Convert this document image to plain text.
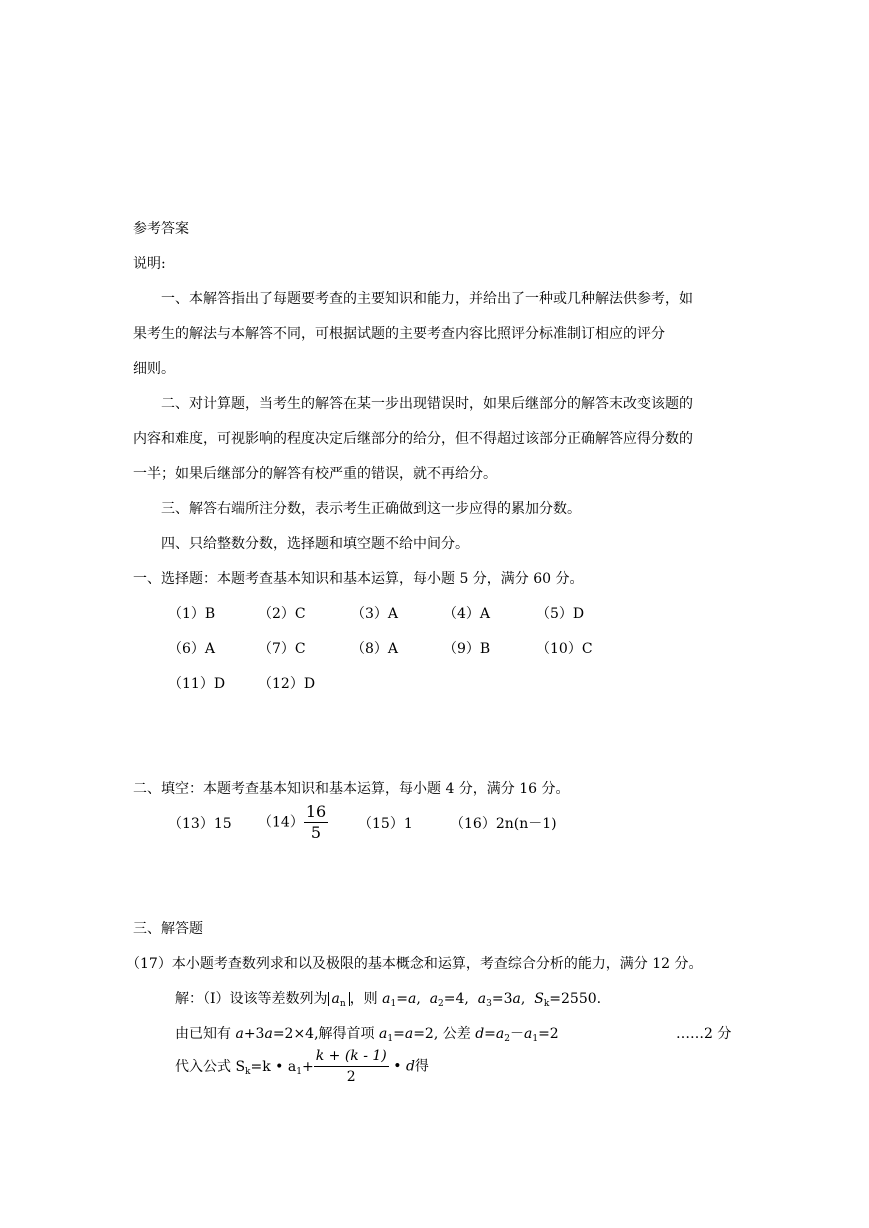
参考答案
说明:
一、本解答指出了每题要考查的主要知识和能力，并给出了一种或几种解法供参考，如
果考生的解法与本解答不同，可根据试题的主要考查内容比照评分标准制订相应的评分
细则。
二、对计算题，当考生的解答在某一步出现错误时，如果后继部分的解答末改变该题的
内容和难度，可视影响的程度决定后继部分的给分，但不得超过该部分正确解答应得分数的
一半；如果后继部分的解答有校严重的错误，就不再给分。
三、解答右端所注分数，表示考生正确做到这一步应得的累加分数。
四、只给整数分数，选择题和填空题不给中间分。
一、选择题：本题考查基本知识和基本运算，每小题 5 分，满分 60 分。
（1）B	（2）C	（3）A	（4）A	（5）D
（6）A	（7）C	（8）A	（9）B	（10）C
（11）D （12）D
二、填空：本题考查基本知识和基本运算，每小题 4 分，满分 16 分。
（13）15 $(14) \frac{16}{5} (15)1$	（16）2n(n－1)
三、解答题
（17）本小题考查数列求和以及极限的基本概念和运算，考查综合分析的能力，满分 12 分。
解：（Ⅰ）设该等差数列为 $a_n$ ，则 $a_1=a$,  $a_2=4$, $a_3=3a$,  $S_k=2550$.
由已知有 a+3a=2×4,解得首项 $a_1=a=2$, 公差 $d=a_2-a_1=2$	……2 分
代入公式 $S_k=k$ • $a_1+ \frac{k + (k - 1)}{2}$ • d得
